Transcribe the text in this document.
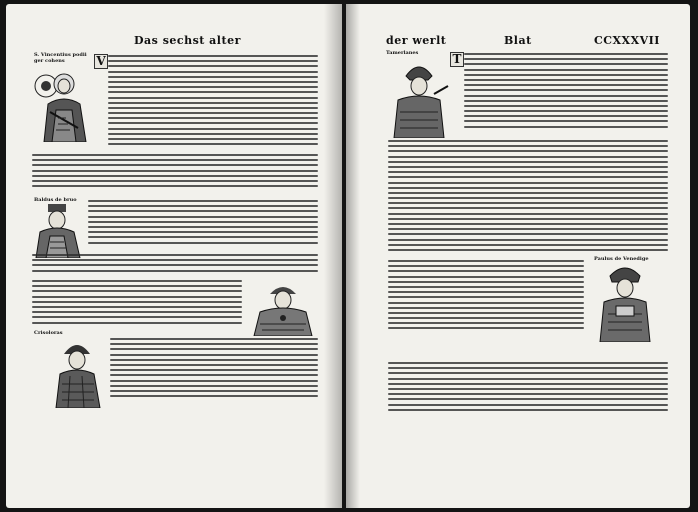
Das sechst alter
S. Vincentius podii ger cohens	V
Baldus de bruo
Crisoloras
der werlt	Blat	CCXXXVII
Tamerlanes	T
Paulus de Venedige
